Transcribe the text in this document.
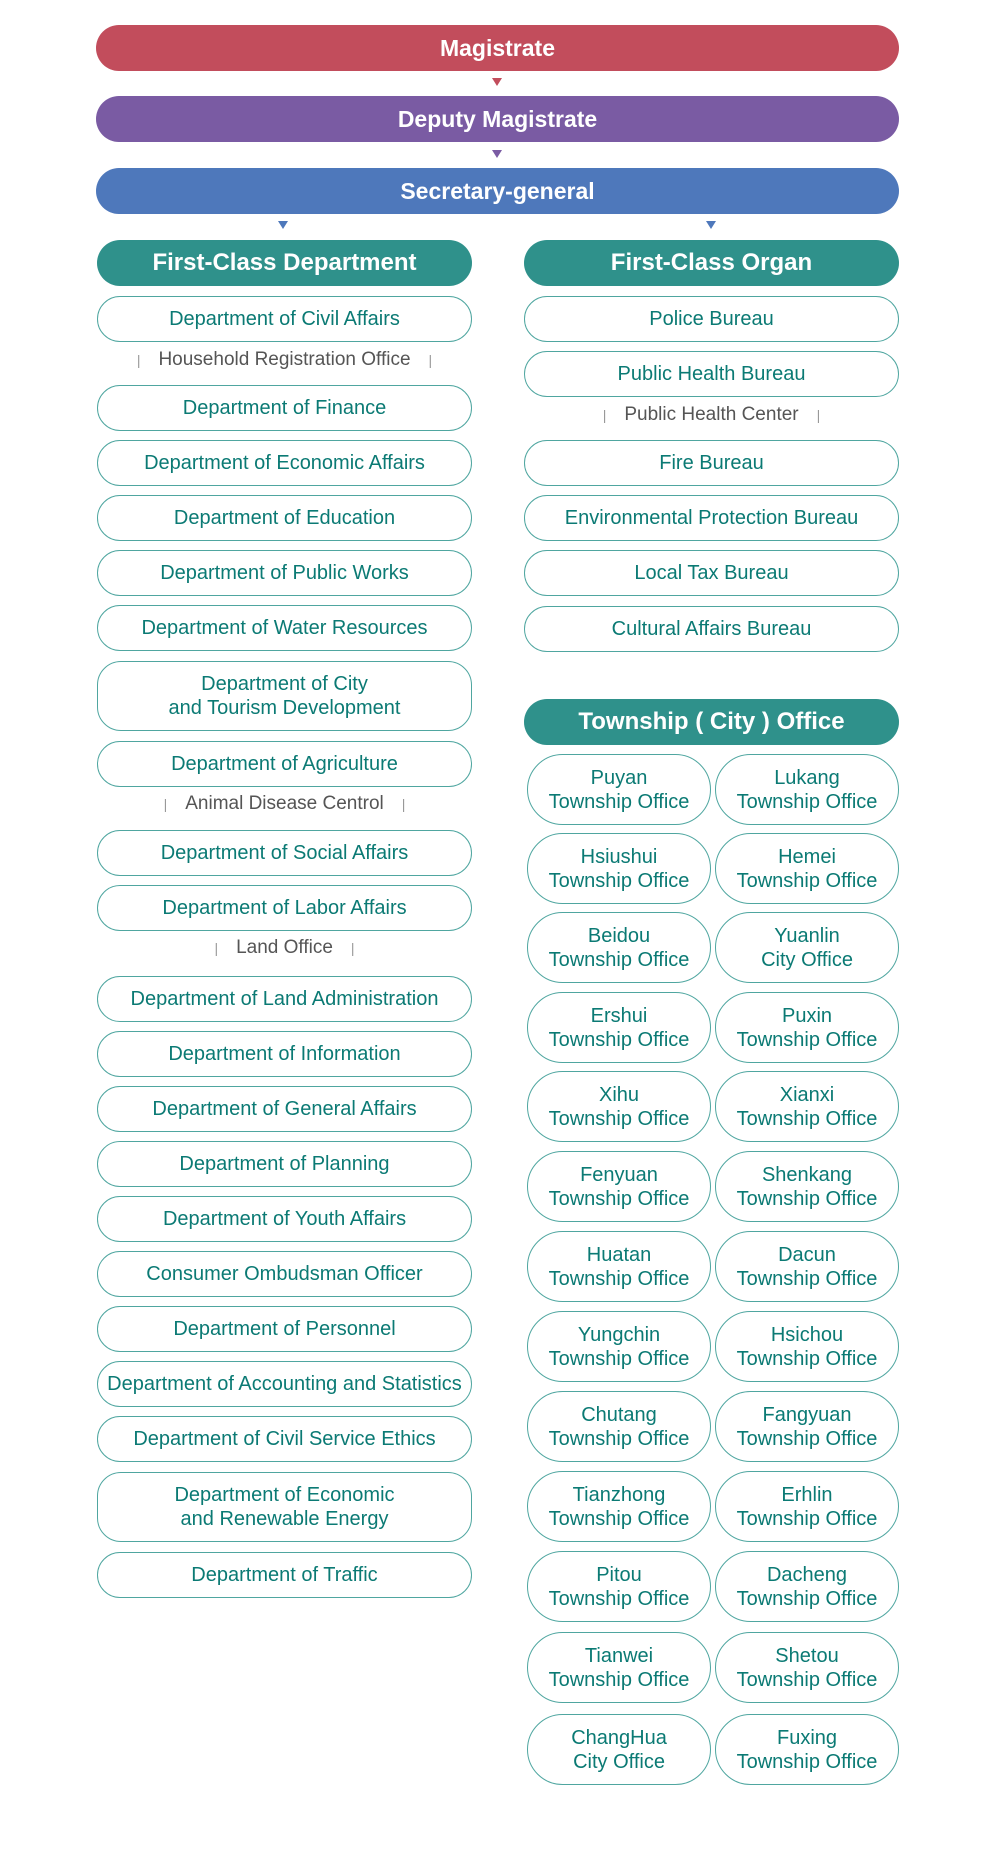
Magistrate
Deputy Magistrate
Secretary-general
First-Class Department
Department of Civil Affairs
| Household Registration Office |
Department of Finance
Department of Economic Affairs
Department of Education
Department of Public Works
Department of Water Resources
Department of City
and Tourism Development
Department of Agriculture
| Animal Disease Centrol |
Department of Social Affairs
Department of Labor Affairs
| Land Office |
Department of Land Administration
Department of Information
Department of General Affairs
Department of Planning
Department of Youth Affairs
Consumer Ombudsman Officer
Department of Personnel
Department of Accounting and Statistics
Department of Civil Service Ethics
Department of Economic
and Renewable Energy
Department of Traffic
First-Class Organ
Police Bureau
Public Health Bureau
| Public Health Center |
Fire Bureau
Environmental Protection Bureau
Local Tax Bureau
Cultural Affairs Bureau
Township ( City ) Office
Puyan
Township Office
Lukang
Township Office
Hsiushui
Township Office
Hemei
Township Office
Beidou
Township Office
Yuanlin
City Office
Ershui
Township Office
Puxin
Township Office
Xihu
Township Office
Xianxi
Township Office
Fenyuan
Township Office
Shenkang
Township Office
Huatan
Township Office
Dacun
Township Office
Yungchin
Township Office
Hsichou
Township Office
Chutang
Township Office
Fangyuan
Township Office
Tianzhong
Township Office
Erhlin
Township Office
Pitou
Township Office
Dacheng
Township Office
Tianwei
Township Office
Shetou
Township Office
ChangHua
City Office
Fuxing
Township Office
